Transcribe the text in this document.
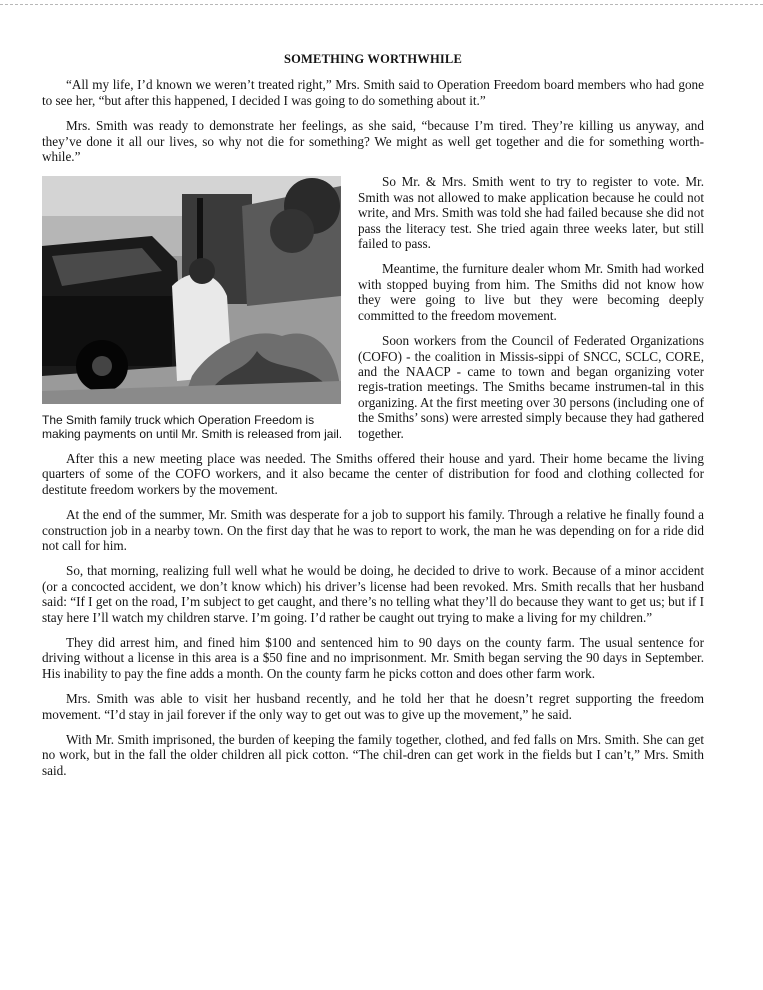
SOMETHING WORTHWHILE

“All my life, I’d known we weren’t treated right,” Mrs. Smith said to Operation Freedom board members who had gone to see her, “but after this happened, I decided I was going to do something about it.”

Mrs. Smith was ready to demonstrate her feelings, as she said, “because I’m tired. They’re killing us anyway, and they’ve done it all our lives, so why not die for something? We might as well get together and die for something worth-while.”

The Smith family truck which Operation Freedom is making payments on until Mr. Smith is released from jail.

So Mr. & Mrs. Smith went to try to register to vote. Mr. Smith was not allowed to make application because he could not write, and Mrs. Smith was told she had failed because she did not pass the literacy test. She tried again three weeks later, but still failed to pass.

Meantime, the furniture dealer whom Mr. Smith had worked with stopped buying from him. The Smiths did not know how they were going to live but they were becoming deeply committed to the freedom movement.

Soon workers from the Council of Federated Organizations (COFO) - the coalition in Missis-sippi of SNCC, SCLC, CORE, and the NAACP - came to town and began organizing voter regis-tration meetings. The Smiths became instrumen-tal in this organizing. At the first meeting over 30 persons (including one of the Smiths’ sons) were arrested simply because they had gathered together.

After this a new meeting place was needed. The Smiths offered their house and yard. Their home became the living quarters of some of the COFO workers, and it also became the center of distribution for food and clothing collected for destitute freedom workers by the movement.

At the end of the summer, Mr. Smith was desperate for a job to support his family. Through a relative he finally found a construction job in a nearby town. On the first day that he was to report to work, the man he was depending on for a ride did not call for him.

So, that morning, realizing full well what he would be doing, he decided to drive to work. Because of a minor accident (or a concocted accident, we don’t know which) his driver’s license had been revoked. Mrs. Smith recalls that her husband said: “If I get on the road, I’m subject to get caught, and there’s no telling what they’ll do because they want to get us; but if I stay here I’ll watch my children starve. I’m going. I’d rather be caught out trying to make a living for my children.”

They did arrest him, and fined him $100 and sentenced him to 90 days on the county farm. The usual sentence for driving without a license in this area is a $50 fine and no imprisonment. Mr. Smith began serving the 90 days in September. His inability to pay the fine adds a month. On the county farm he picks cotton and does other farm work.

Mrs. Smith was able to visit her husband recently, and he told her that he doesn’t regret supporting the freedom movement. “I’d stay in jail forever if the only way to get out was to give up the movement,” he said.

With Mr. Smith imprisoned, the burden of keeping the family together, clothed, and fed falls on Mrs. Smith. She can get no work, but in the fall the older children all pick cotton. “The chil-dren can get work in the fields but I can’t,” Mrs. Smith said.
